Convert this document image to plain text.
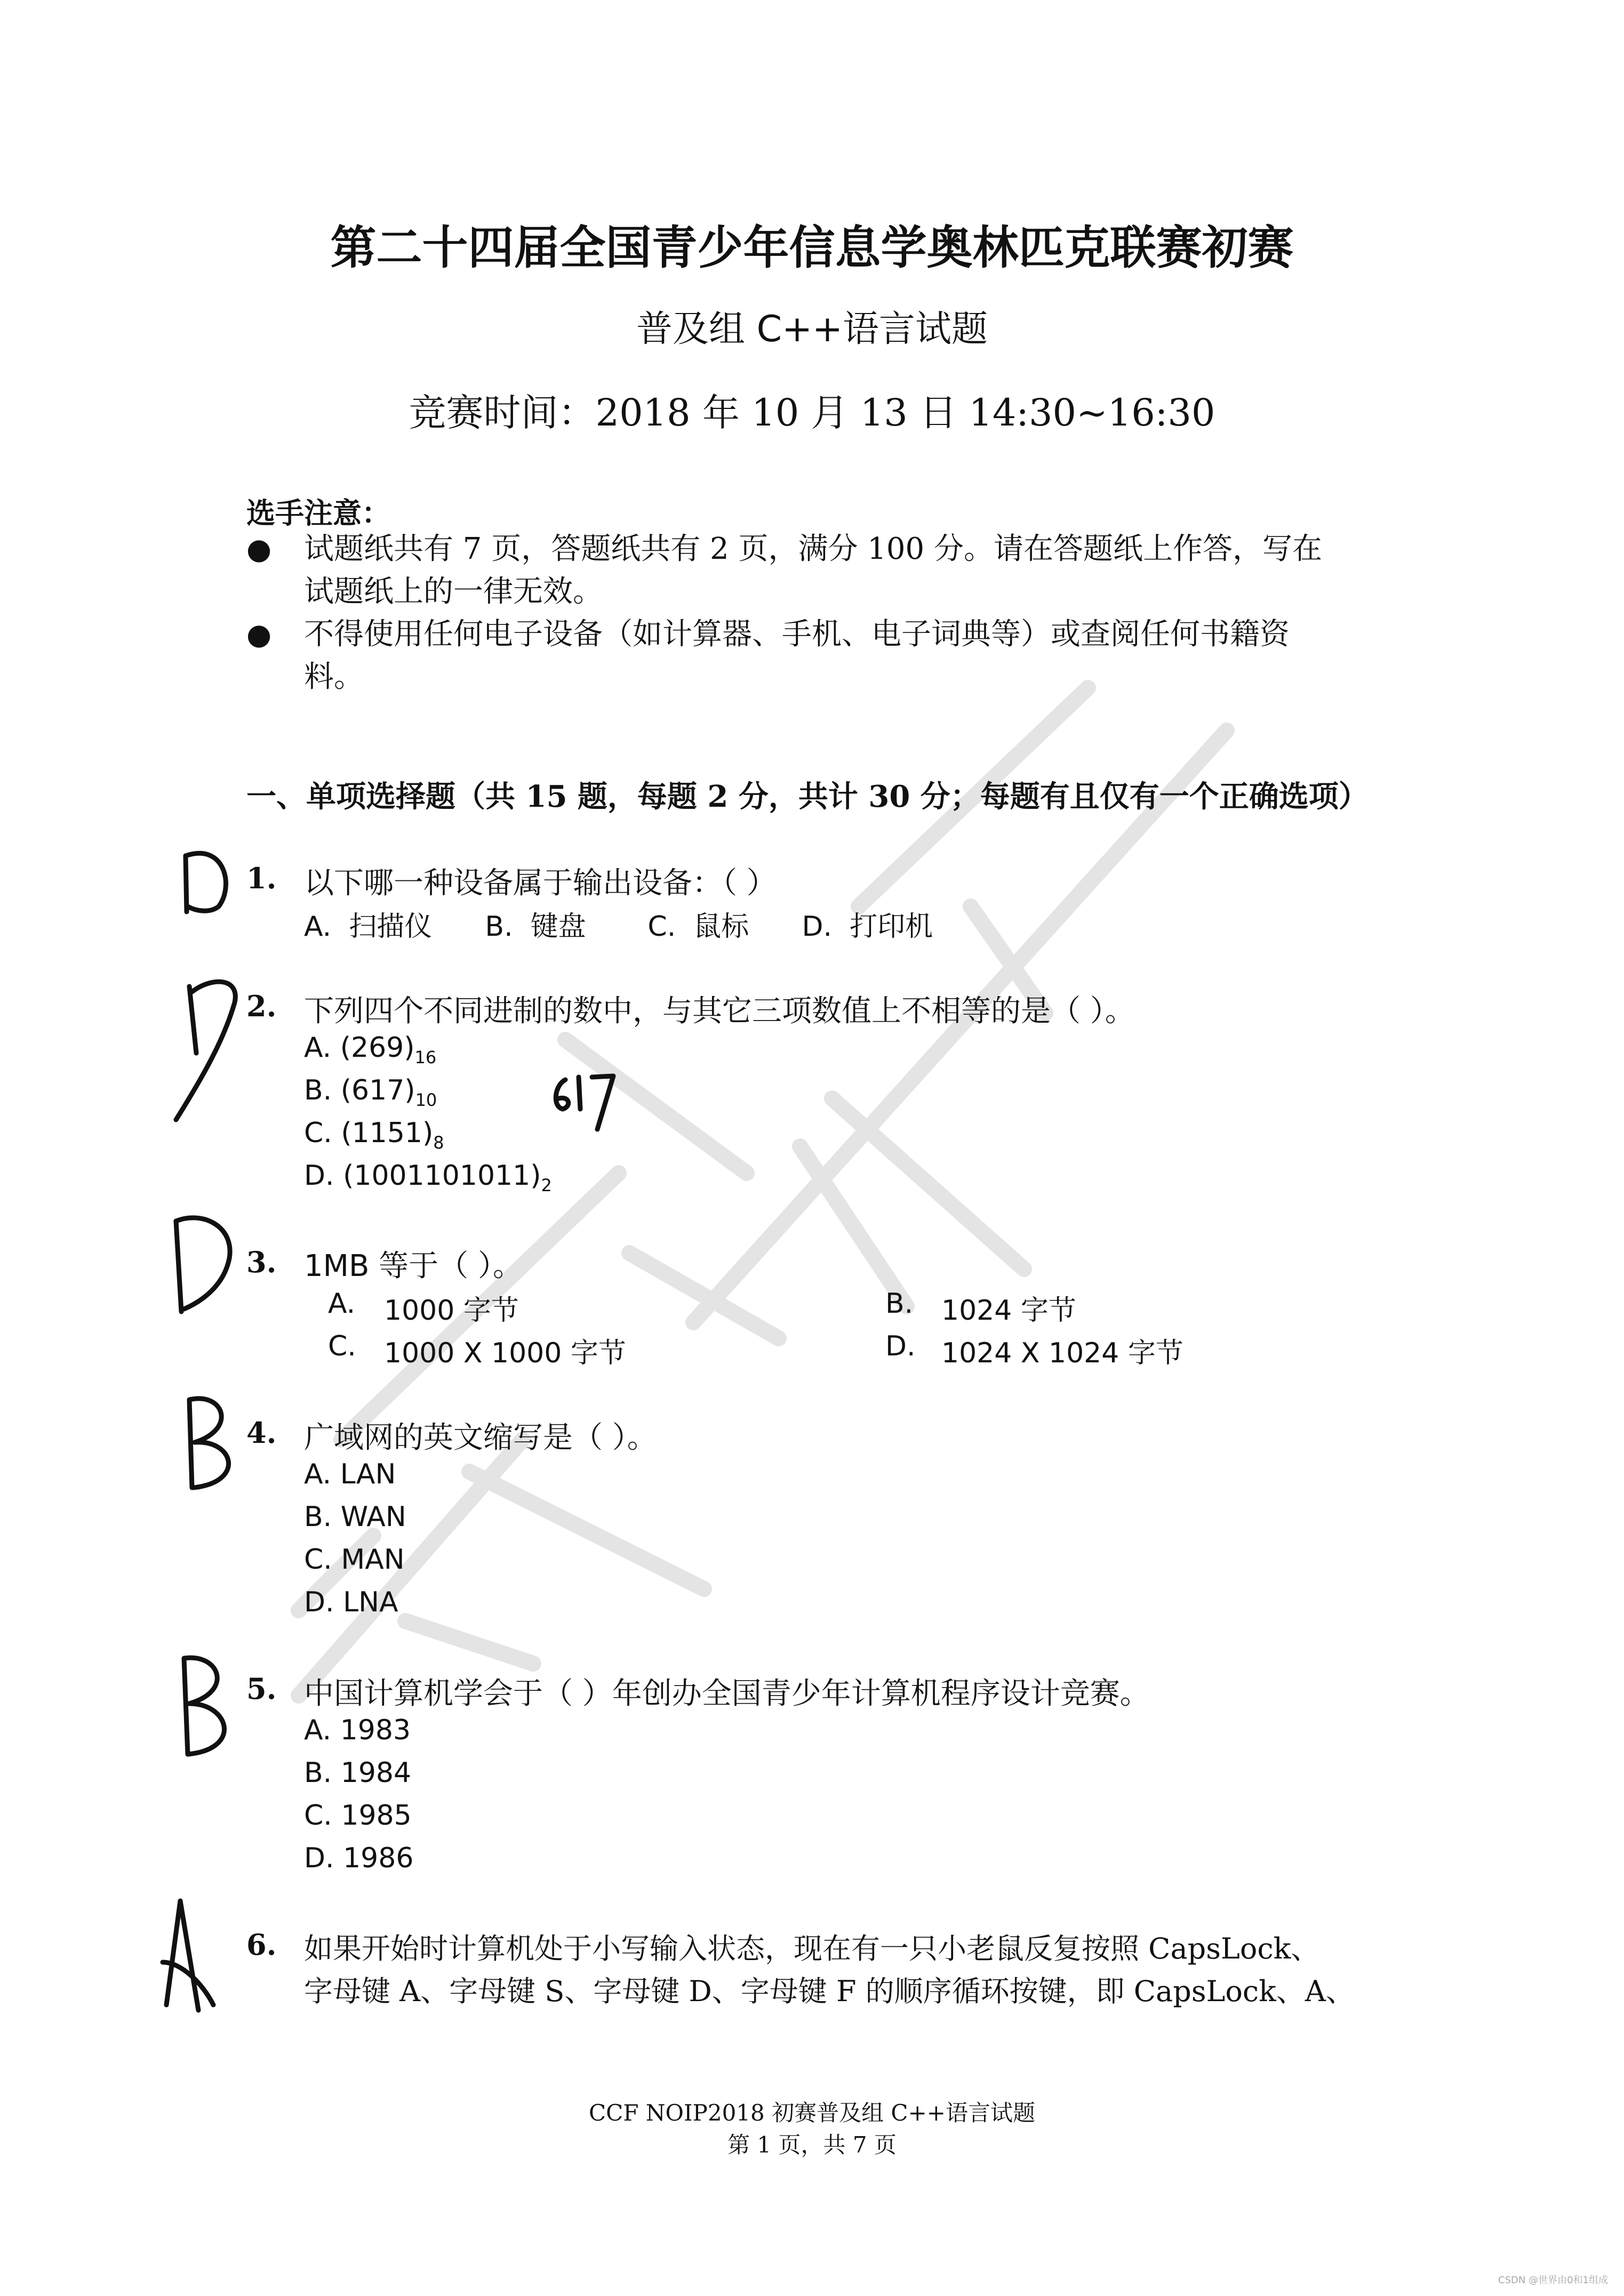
第二十四届全国青少年信息学奥林匹克联赛初赛
普及组 C++语言试题
竞赛时间：2018 年 10 月 13 日 14:30~16:30
选手注意：
● 试题纸共有 7 页，答题纸共有 2 页，满分 100 分。请在答题纸上作答，写在
试题纸上的一律无效。
● 不得使用任何电子设备（如计算器、手机、电子词典等）或查阅任何书籍资
料。
一、单项选择题（共 15 题，每题 2 分，共计 30 分；每题有且仅有一个正确选项）
1. 以下哪一种设备属于输出设备：（ ）
A.  扫描仪      B.  键盘       C.  鼠标      D.  打印机
2. 下列四个不同进制的数中，与其它三项数值上不相等的是（ ）。
A. $(269)_{16}$
B. $(617)_{10}$
C. $(1151)_8$
D. $(1001101011)_2$
3. 1MB 等于（ ）。
A. 1000 字节	B. 1024 字节
C. 1000 X 1000 字节	D. 1024 X 1024 字节
4. 广域网的英文缩写是（ ）。
A. LAN
B. WAN
C. MAN
D. LNA
5. 中国计算机学会于（ ）年创办全国青少年计算机程序设计竞赛。
A. 1983
B. 1984
C. 1985
D. 1986
6. 如果开始时计算机处于小写输入状态，现在有一只小老鼠反复按照 CapsLock、
字母键 A、字母键 S、字母键 D、字母键 F 的顺序循环按键，即 CapsLock、A、
CCF NOIP2018 初赛普及组 C++语言试题
第 1 页，共 7 页
CSDN @世界由0和1组成
